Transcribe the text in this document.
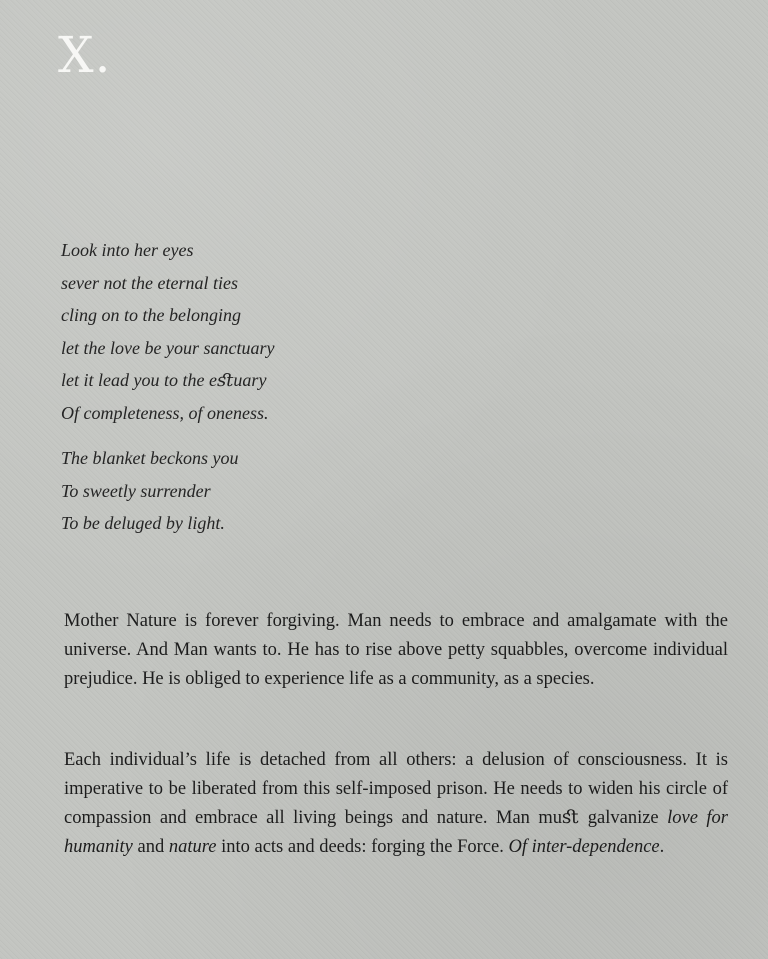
X.
Look into her eyes
sever not the eternal ties
cling on to the belonging
let the love be your sanctuary
let it lead you to the eﬆuary
Of completeness, of oneness.
The blanket beckons you
To sweetly surrender
To be deluged by light.

Mother Nature is forever forgiving. Man needs to embrace and amalgamate with the universe. And Man wants to. He has to rise above petty squabbles, overcome individual prejudice. He is obliged to experience life as a community, as a species.

Each individual’s life is detached from all others: a delusion of consciousness. It is imperative to be liberated from this self-imposed prison. He needs to widen his circle of compassion and embrace all living beings and nature. Man muﬆ galvanize love for humanity and nature into acts and deeds: forging the Force. Of inter-dependence.
